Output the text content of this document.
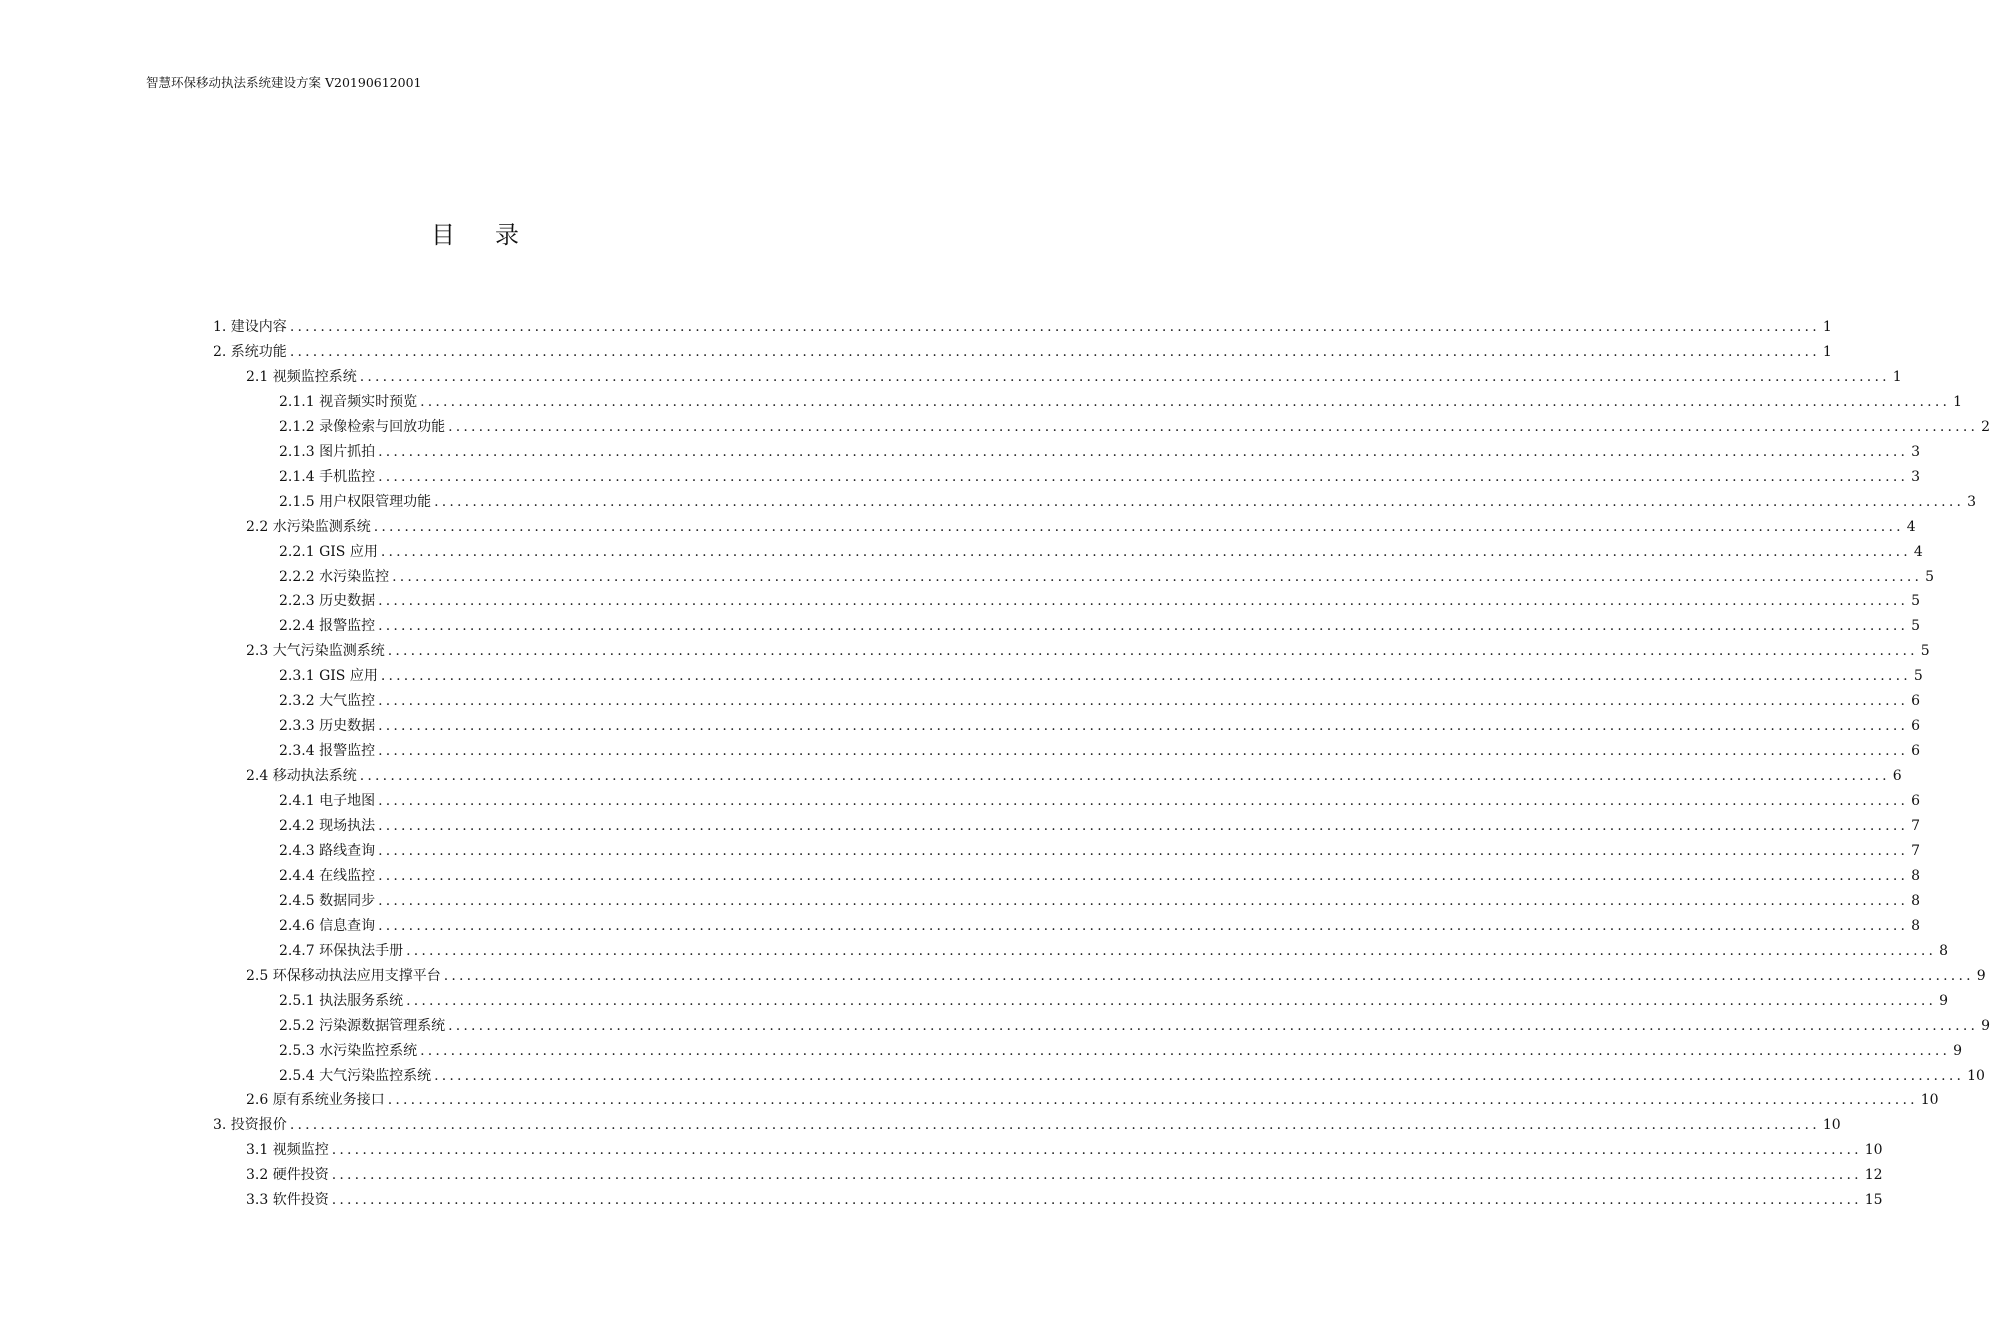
智慧环保移动执法系统建设方案 V20190612001
目 录
1. 建设内容 ........................................................................................................................................................................................................ 1
2. 系统功能 ........................................................................................................................................................................................................ 1
2.1 视频监控系统 ........................................................................................................................................................................................................ 1
2.1.1 视音频实时预览 ........................................................................................................................................................................................................ 1
2.1.2 录像检索与回放功能 ........................................................................................................................................................................................................ 2
2.1.3 图片抓拍 ........................................................................................................................................................................................................ 3
2.1.4 手机监控 ........................................................................................................................................................................................................ 3
2.1.5 用户权限管理功能 ........................................................................................................................................................................................................ 3
2.2 水污染监测系统 ........................................................................................................................................................................................................ 4
2.2.1 GIS 应用 ........................................................................................................................................................................................................ 4
2.2.2 水污染监控 ........................................................................................................................................................................................................ 5
2.2.3 历史数据 ........................................................................................................................................................................................................ 5
2.2.4 报警监控 ........................................................................................................................................................................................................ 5
2.3 大气污染监测系统 ........................................................................................................................................................................................................ 5
2.3.1 GIS 应用 ........................................................................................................................................................................................................ 5
2.3.2 大气监控 ........................................................................................................................................................................................................ 6
2.3.3 历史数据 ........................................................................................................................................................................................................ 6
2.3.4 报警监控 ........................................................................................................................................................................................................ 6
2.4 移动执法系统 ........................................................................................................................................................................................................ 6
2.4.1 电子地图 ........................................................................................................................................................................................................ 6
2.4.2 现场执法 ........................................................................................................................................................................................................ 7
2.4.3 路线查询 ........................................................................................................................................................................................................ 7
2.4.4 在线监控 ........................................................................................................................................................................................................ 8
2.4.5 数据同步 ........................................................................................................................................................................................................ 8
2.4.6 信息查询 ........................................................................................................................................................................................................ 8
2.4.7 环保执法手册 ........................................................................................................................................................................................................ 8
2.5 环保移动执法应用支撑平台 ........................................................................................................................................................................................................ 9
2.5.1 执法服务系统 ........................................................................................................................................................................................................ 9
2.5.2 污染源数据管理系统 ........................................................................................................................................................................................................ 9
2.5.3 水污染监控系统 ........................................................................................................................................................................................................ 9
2.5.4 大气污染监控系统 ........................................................................................................................................................................................................ 10
2.6 原有系统业务接口 ........................................................................................................................................................................................................ 10
3. 投资报价 ........................................................................................................................................................................................................ 10
3.1 视频监控 ........................................................................................................................................................................................................ 10
3.2 硬件投资 ........................................................................................................................................................................................................ 12
3.3 软件投资 ........................................................................................................................................................................................................ 15
